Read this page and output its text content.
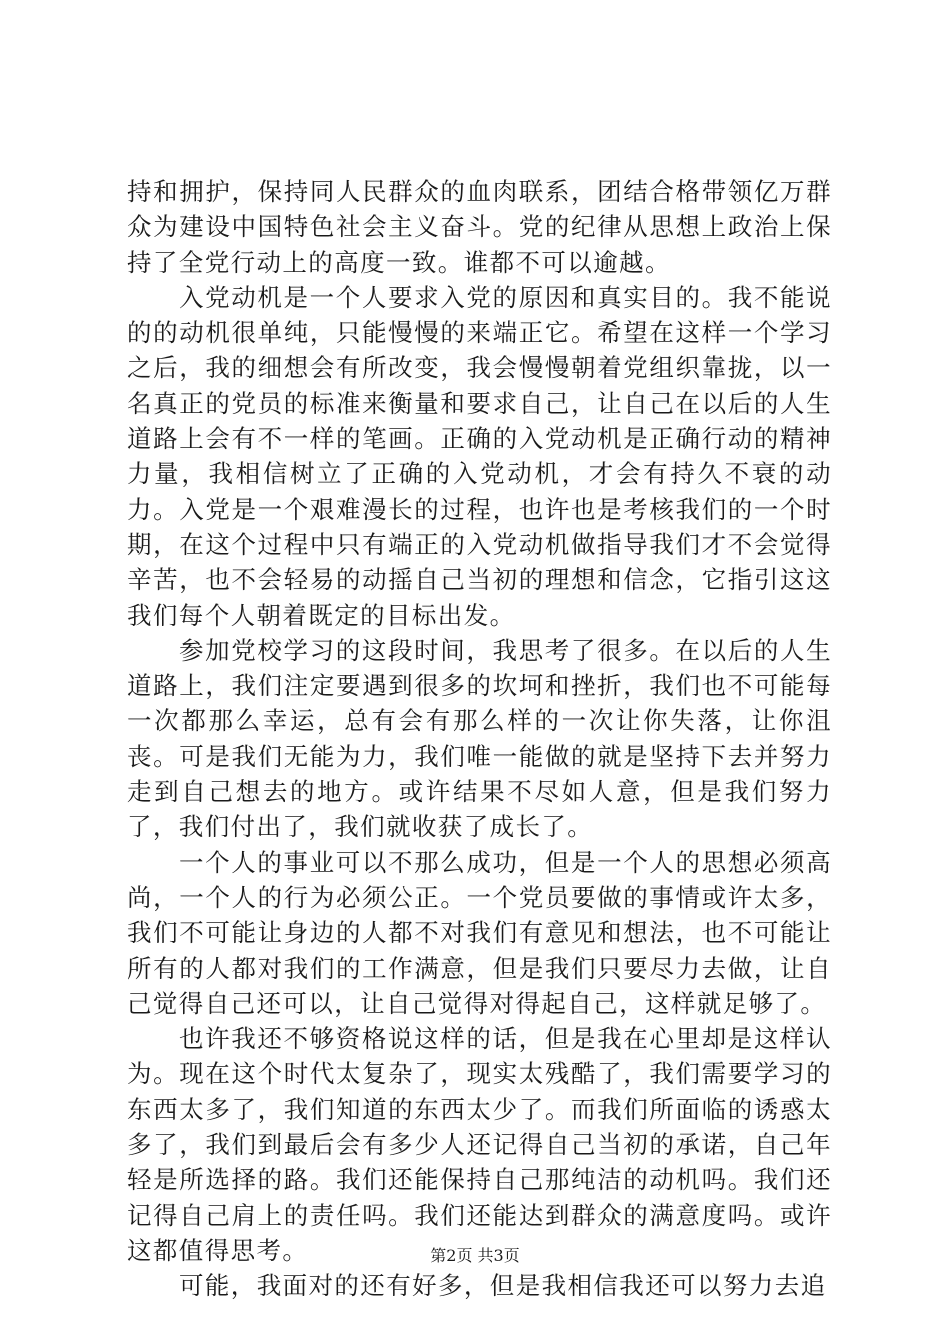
持和拥护，保持同人民群众的血肉联系，团结合格带领亿万群众为建设中国特色社会主义奋斗。党的纪律从思想上政治上保持了全党行动上的高度一致。谁都不可以逾越。

入党动机是一个人要求入党的原因和真实目的。我不能说的的动机很单纯，只能慢慢的来端正它。希望在这样一个学习之后，我的细想会有所改变，我会慢慢朝着党组织靠拢，以一名真正的党员的标准来衡量和要求自己，让自己在以后的人生道路上会有不一样的笔画。正确的入党动机是正确行动的精神力量，我相信树立了正确的入党动机，才会有持久不衰的动力。入党是一个艰难漫长的过程，也许也是考核我们的一个时期，在这个过程中只有端正的入党动机做指导我们才不会觉得辛苦，也不会轻易的动摇自己当初的理想和信念，它指引这这我们每个人朝着既定的目标出发。

参加党校学习的这段时间，我思考了很多。在以后的人生道路上，我们注定要遇到很多的坎坷和挫折，我们也不可能每一次都那么幸运，总有会有那么样的一次让你失落，让你沮丧。可是我们无能为力，我们唯一能做的就是坚持下去并努力走到自己想去的地方。或许结果不尽如人意，但是我们努力了，我们付出了，我们就收获了成长了。

一个人的事业可以不那么成功，但是一个人的思想必须高尚，一个人的行为必须公正。一个党员要做的事情或许太多，我们不可能让身边的人都不对我们有意见和想法，也不可能让所有的人都对我们的工作满意，但是我们只要尽力去做，让自己觉得自己还可以，让自己觉得对得起自己，这样就足够了。

也许我还不够资格说这样的话，但是我在心里却是这样认为。现在这个时代太复杂了，现实太残酷了，我们需要学习的东西太多了，我们知道的东西太少了。而我们所面临的诱惑太多了，我们到最后会有多少人还记得自己当初的承诺，自己年轻是所选择的路。我们还能保持自己那纯洁的动机吗。我们还记得自己肩上的责任吗。我们还能达到群众的满意度吗。或许这都值得思考。

可能，我面对的还有好多，但是我相信我还可以努力去追

第2页 共3页
